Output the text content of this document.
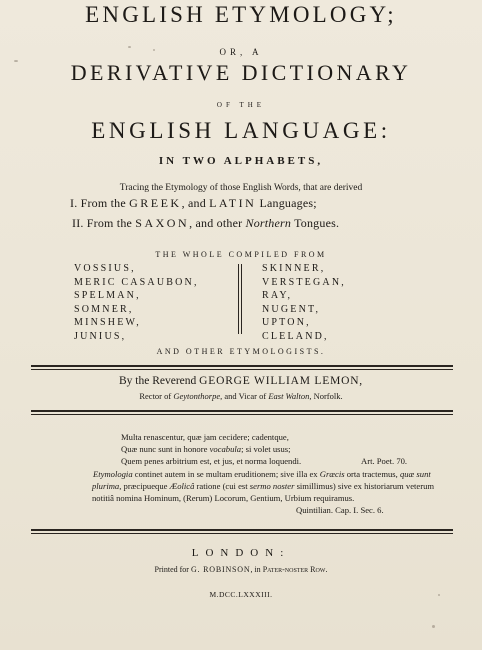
ENGLISH ETYMOLOGY;
OR, A
DERIVATIVE DICTIONARY
OF THE
ENGLISH LANGUAGE:
IN TWO ALPHABETS,
Tracing the Etymology of those English Words, that are derived
I. From the GREEK, and LATIN Languages;
II. From the SAXON, and other Northern Tongues.
THE WHOLE COMPILED FROM
VOSSIUS,
MERIC CASAUBON,
SPELMAN,
SOMNER,
MINSHEW,
JUNIUS,
SKINNER,
VERSTEGAN,
RAY,
NUGENT,
UPTON,
CLELAND,
AND OTHER ETYMOLOGISTS.
By the Reverend GEORGE WILLIAM LEMON,
Rector of Geytonthorpe, and Vicar of East Walton, Norfolk.
Multa renascentur, quæ jam cecidere; cadentque,
Quæ nunc sunt in honore vocabula; si volet usus;
Quem penes arbitrium est, et jus, et norma loquendi.	Art. Poet. 70.
Etymologia continet autem in se multam eruditionem; sive illa ex Græcis orta tractemus, quæ sunt
plurima, præcipueque Æolicâ ratione (cui est sermo noster simillimus) sive ex historiarum veterum
notitiâ nomina Hominum, (Rerum) Locorum, Gentium, Urbium requiramus.
Quintilian. Cap. I. Sec. 6.
LONDON:
Printed for G. ROBINSON, in Pater-noster Row.
M.DCC.LXXXIII.
